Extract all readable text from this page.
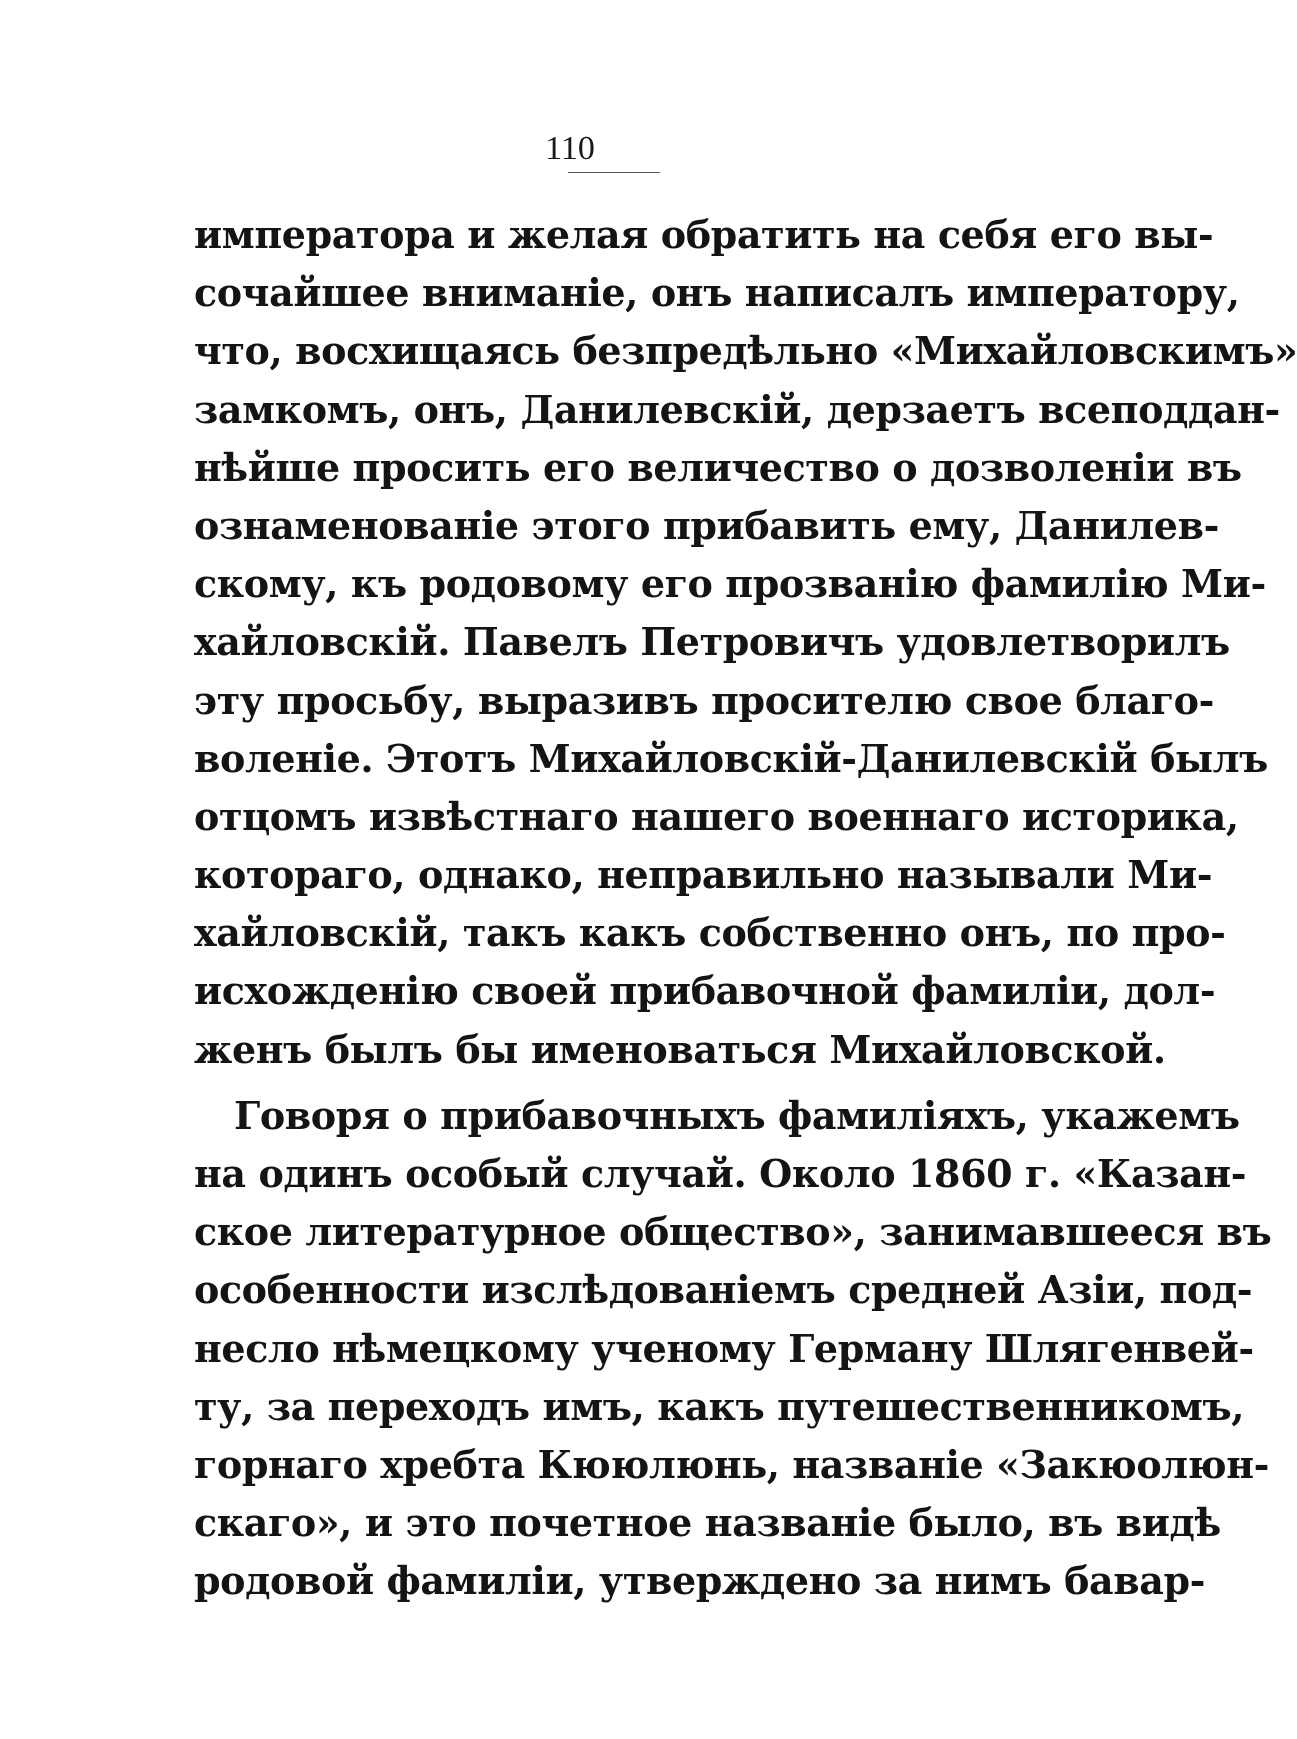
110
императора и желая обратить на себя его вы-
сочайшее вниманіе, онъ написалъ императору,
что, восхищаясь безпредѣльно «Михайловскимъ»
замкомъ, онъ, Данилевскій, дерзаетъ всеподдан-
нѣйше просить его величество о дозволеніи въ
ознаменованіе этого прибавить ему, Данилев-
скому, къ родовому его прозванію фамилію Ми-
хайловскій. Павелъ Петровичъ удовлетворилъ
эту просьбу, выразивъ просителю свое благо-
воленіе. Этотъ Михайловскій-Данилевскій былъ
отцомъ извѣстнаго нашего военнаго историка,
котораго, однако, неправильно называли Ми-
хайловскій, такъ какъ собственно онъ, по про-
исхожденію своей прибавочной фамиліи, дол-
женъ былъ бы именоваться Михайловской.
Говоря о прибавочныхъ фамиліяхъ, укажемъ
на одинъ особый случай. Около 1860 г. «Казан-
ское литературное общество», занимавшееся въ
особенности изслѣдованіемъ средней Азіи, под-
несло нѣмецкому ученому Герману Шлягенвей-
ту, за переходъ имъ, какъ путешественникомъ,
горнаго хребта Кююлюнь, названіе «Закюолюн-
скаго», и это почетное названіе было, въ видѣ
родовой фамиліи, утверждено за нимъ бавар-
